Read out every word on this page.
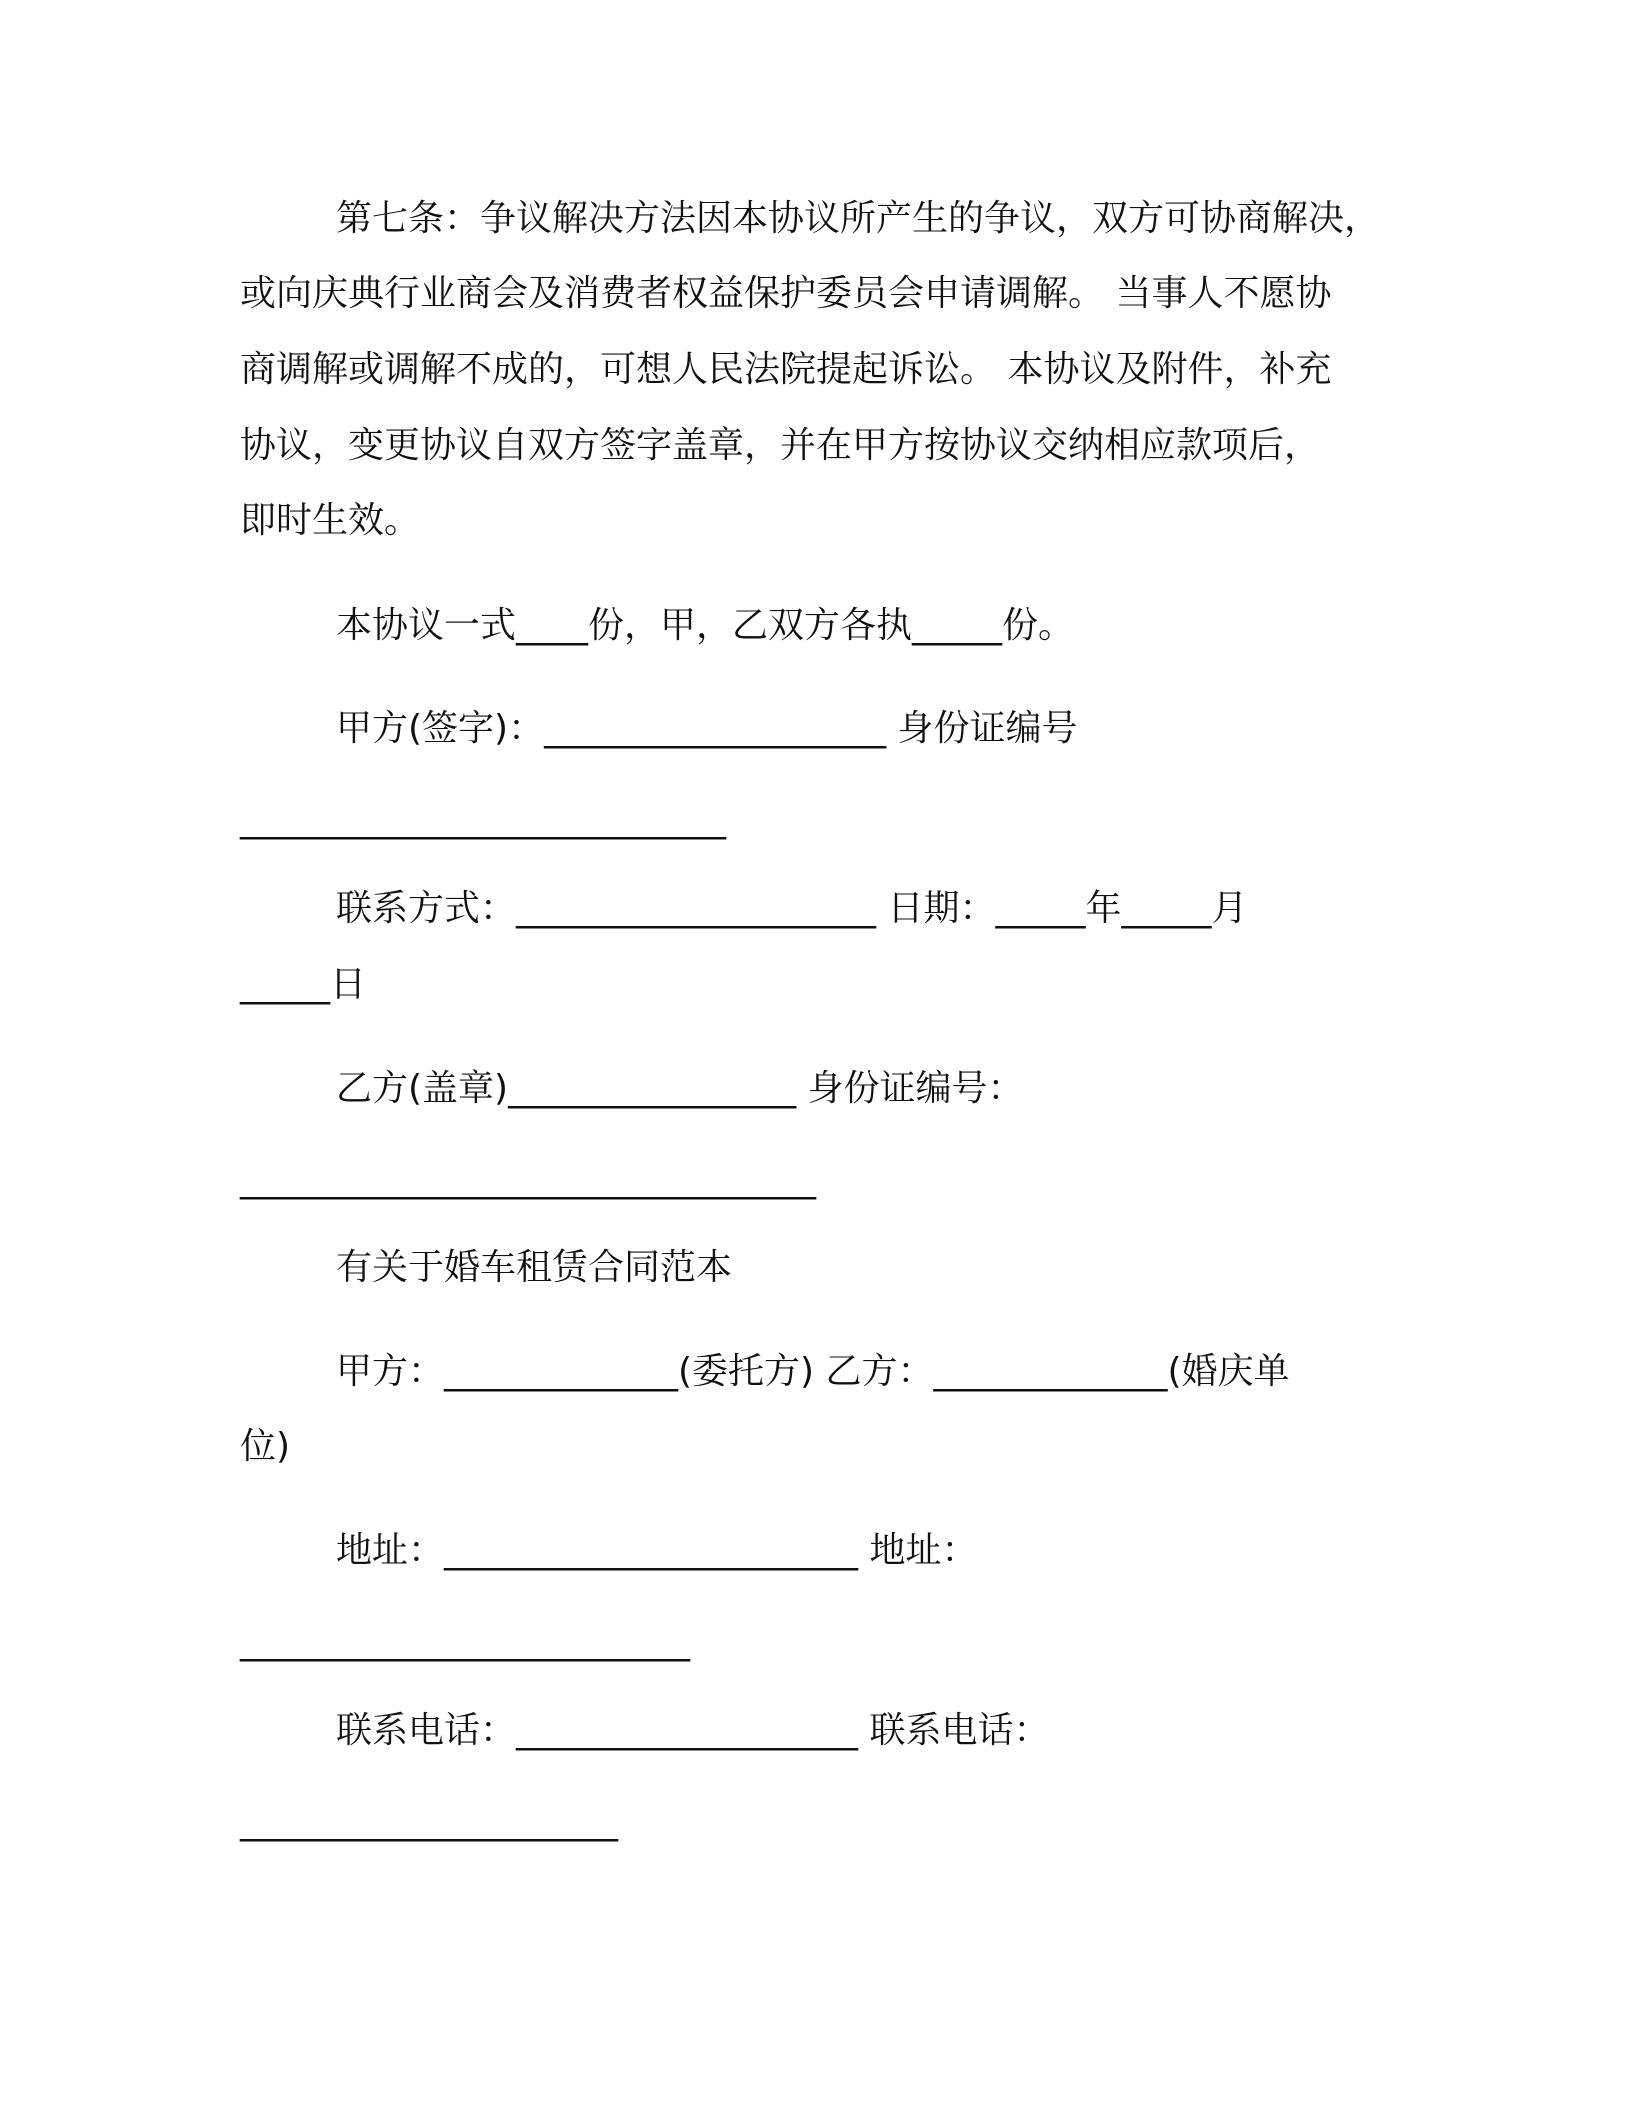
第七条：争议解决方法因本协议所产生的争议，双方可协商解决，
或向庆典行业商会及消费者权益保护委员会申请调解。 当事人不愿协
商调解或调解不成的，可想人民法院提起诉讼。 本协议及附件，补充
协议，变更协议自双方签字盖章，并在甲方按协议交纳相应款项后，
即时生效。
本协议一式____份，甲，乙双方各执_____份。
甲方(签字)：___________________ 身份证编号
___________________________
联系方式：____________________ 日期：_____年_____月
_____日
乙方(盖章)________________ 身份证编号：
________________________________
有关于婚车租赁合同范本
甲方：_____________(委托方) 乙方：_____________(婚庆单
位)
地址：_______________________ 地址：
_________________________
联系电话：___________________ 联系电话：
_____________________
